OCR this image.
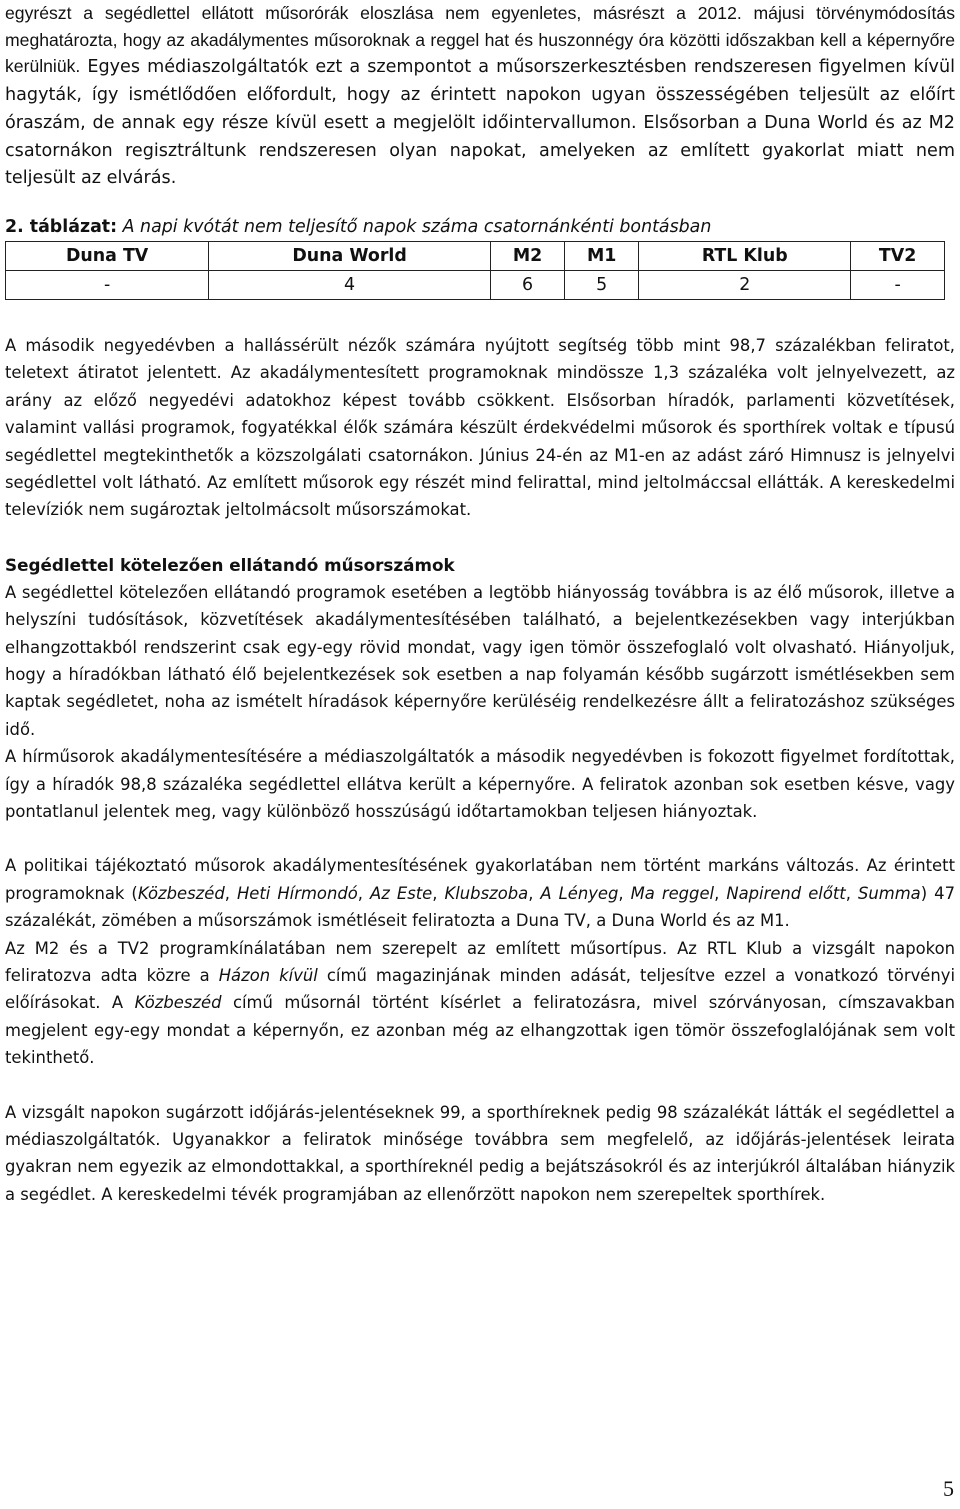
egyrészt a segédlettel ellátott műsorórák eloszlása nem egyenletes, másrészt a 2012. májusi törvénymódosítás meghatározta, hogy az akadálymentes műsoroknak a reggel hat és huszonnégy óra közötti időszakban kell a képernyőre kerülniük. Egyes médiaszolgáltatók ezt a szempontot a műsorszerkesztésben rendszeresen figyelmen kívül hagyták, így ismétlődően előfordult, hogy az érintett napokon ugyan összességében teljesült az előírt óraszám, de annak egy része kívül esett a megjelölt időintervallumon. Elsősorban a Duna World és az M2 csatornákon regisztráltunk rendszeresen olyan napokat, amelyeken az említett gyakorlat miatt nem teljesült az elvárás.

2. táblázat: A napi kvótát nem teljesítő napok száma csatornánkénti bontásban

Duna TV	Duna World	M2	M1	RTL Klub	TV2
-	4	6	5	2	-

A második negyedévben a hallássérült nézők számára nyújtott segítség több mint 98,7 százalékban feliratot, teletext átiratot jelentett. Az akadálymentesített programoknak mindössze 1,3 százaléka volt jelnyelvezett, az arány az előző negyedévi adatokhoz képest tovább csökkent. Elsősorban híradók, parlamenti közvetítések, valamint vallási programok, fogyatékkal élők számára készült érdekvédelmi műsorok és sporthírek voltak e típusú segédlettel megtekinthetők a közszolgálati csatornákon. Június 24-én az M1-en az adást záró Himnusz is jelnyelvi segédlettel volt látható. Az említett műsorok egy részét mind felirattal, mind jeltolmáccsal ellátták. A kereskedelmi televíziók nem sugároztak jeltolmácsolt műsorszámokat.

Segédlettel kötelezően ellátandó műsorszámok

A segédlettel kötelezően ellátandó programok esetében a legtöbb hiányosság továbbra is az élő műsorok, illetve a helyszíni tudósítások, közvetítések akadálymentesítésében található, a bejelentkezésekben vagy interjúkban elhangzottakból rendszerint csak egy-egy rövid mondat, vagy igen tömör összefoglaló volt olvasható. Hiányoljuk, hogy a híradókban látható élő bejelentkezések sok esetben a nap folyamán később sugárzott ismétlésekben sem kaptak segédletet, noha az ismételt híradások képernyőre kerüléséig rendelkezésre állt a feliratozáshoz szükséges idő.

A hírműsorok akadálymentesítésére a médiaszolgáltatók a második negyedévben is fokozott figyelmet fordítottak, így a híradók 98,8 százaléka segédlettel ellátva került a képernyőre. A feliratok azonban sok esetben késve, vagy pontatlanul jelentek meg, vagy különböző hosszúságú időtartamokban teljesen hiányoztak.

A politikai tájékoztató műsorok akadálymentesítésének gyakorlatában nem történt markáns változás. Az érintett programoknak (Közbeszéd, Heti Hírmondó, Az Este, Klubszoba, A Lényeg, Ma reggel, Napirend előtt, Summa) 47 százalékát, zömében a műsorszámok ismétléseit feliratozta a Duna TV, a Duna World és az M1.

Az M2 és a TV2 programkínálatában nem szerepelt az említett műsortípus. Az RTL Klub a vizsgált napokon feliratozva adta közre a Házon kívül című magazinjának minden adását, teljesítve ezzel a vonatkozó törvényi előírásokat. A Közbeszéd című műsornál történt kísérlet a feliratozásra, mivel szórványosan, címszavakban megjelent egy-egy mondat a képernyőn, ez azonban még az elhangzottak igen tömör összefoglalójának sem volt tekinthető.

A vizsgált napokon sugárzott időjárás-jelentéseknek 99, a sporthíreknek pedig 98 százalékát látták el segédlettel a médiaszolgáltatók. Ugyanakkor a feliratok minősége továbbra sem megfelelő, az időjárás-jelentések leirata gyakran nem egyezik az elmondottakkal, a sporthíreknél pedig a bejátszásokról és az interjúkról általában hiányzik a segédlet. A kereskedelmi tévék programjában az ellenőrzött napokon nem szerepeltek sporthírek.

5
